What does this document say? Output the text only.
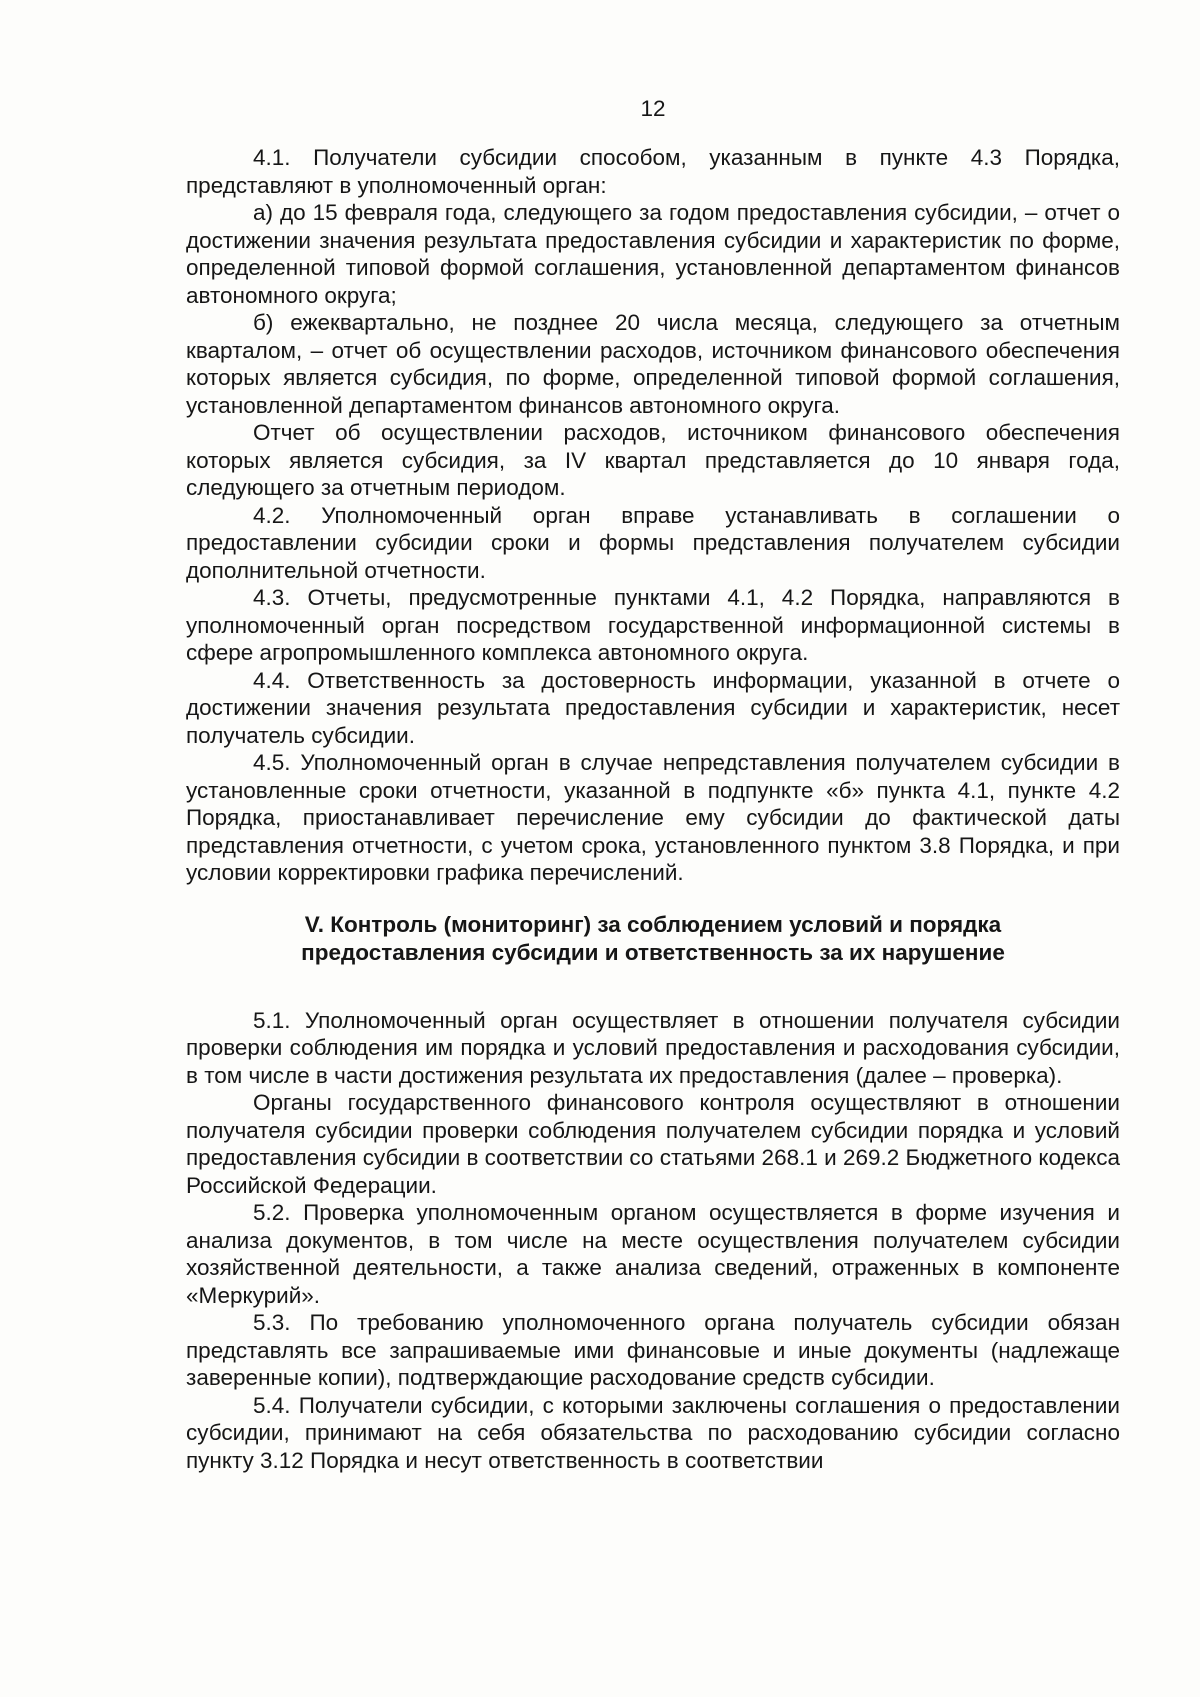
12

4.1. Получатели субсидии способом, указанным в пункте 4.3 Порядка, представляют в уполномоченный орган:

а) до 15 февраля года, следующего за годом предоставления субсидии, – отчет о достижении значения результата предоставления субсидии и характеристик по форме, определенной типовой формой соглашения, установленной департаментом финансов автономного округа;

б) ежеквартально, не позднее 20 числа месяца, следующего за отчетным кварталом, – отчет об осуществлении расходов, источником финансового обеспечения которых является субсидия, по форме, определенной типовой формой соглашения, установленной департаментом финансов автономного округа.

Отчет об осуществлении расходов, источником финансового обеспечения которых является субсидия, за IV квартал представляется до 10 января года, следующего за отчетным периодом.

4.2. Уполномоченный орган вправе устанавливать в соглашении о предоставлении субсидии сроки и формы представления получателем субсидии дополнительной отчетности.

4.3. Отчеты, предусмотренные пунктами 4.1, 4.2 Порядка, направляются в уполномоченный орган посредством государственной информационной системы в сфере агропромышленного комплекса автономного округа.

4.4. Ответственность за достоверность информации, указанной в отчете о достижении значения результата предоставления субсидии и характеристик, несет получатель субсидии.

4.5. Уполномоченный орган в случае непредставления получателем субсидии в установленные сроки отчетности, указанной в подпункте «б» пункта 4.1, пункте 4.2 Порядка, приостанавливает перечисление ему субсидии до фактической даты представления отчетности, с учетом срока, установленного пунктом 3.8 Порядка, и при условии корректировки графика перечислений.

V. Контроль (мониторинг) за соблюдением условий и порядка
предоставления субсидии и ответственность за их нарушение

5.1. Уполномоченный орган осуществляет в отношении получателя субсидии проверки соблюдения им порядка и условий предоставления и расходования субсидии, в том числе в части достижения результата их предоставления (далее – проверка).

Органы государственного финансового контроля осуществляют в отношении получателя субсидии проверки соблюдения получателем субсидии порядка и условий предоставления субсидии в соответствии со статьями 268.1 и 269.2 Бюджетного кодекса Российской Федерации.

5.2. Проверка уполномоченным органом осуществляется в форме изучения и анализа документов, в том числе на месте осуществления получателем субсидии хозяйственной деятельности, а также анализа сведений, отраженных в компоненте «Меркурий».

5.3. По требованию уполномоченного органа получатель субсидии обязан представлять все запрашиваемые ими финансовые и иные документы (надлежаще заверенные копии), подтверждающие расходование средств субсидии.

5.4. Получатели субсидии, с которыми заключены соглашения о предоставлении субсидии, принимают на себя обязательства по расходованию субсидии согласно пункту 3.12 Порядка и несут ответственность в соответствии
